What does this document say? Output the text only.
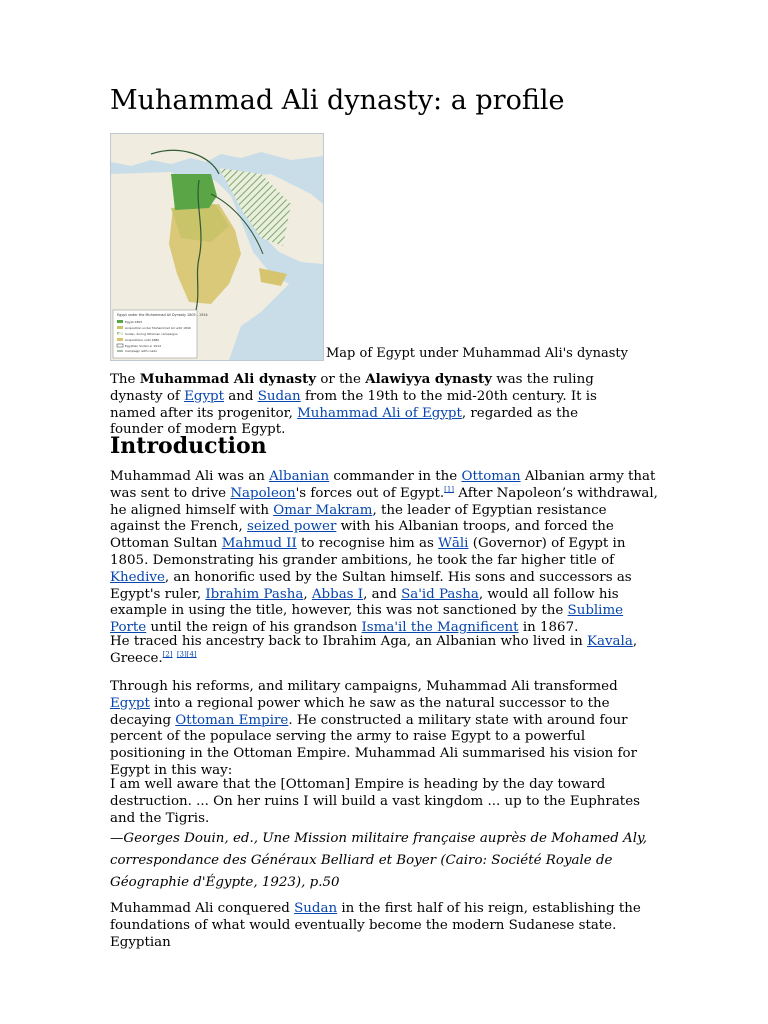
Muhammad Ali dynasty: a profile
Egypt under the Muhammad Ali Dynasty 1805 - 1914
Egypt 1805
Acquisition under Muhammad Ali until 1840
Sudan, during Ottoman campaigns
Acquisitions until 1880
Egyptian Sudan in 1914
Campaign with roads	Map of Egypt under Muhammad Ali's dynasty

The Muhammad Ali dynasty or the Alawiyya dynasty was the ruling dynasty of Egypt and Sudan from the 19th to the mid-20th century. It is named after its progenitor, Muhammad Ali of Egypt, regarded as the founder of modern Egypt.

Introduction

Muhammad Ali was an Albanian commander in the Ottoman Albanian army that was sent to drive Napoleon's forces out of Egypt.[1] After Napoleon’s withdrawal, he aligned himself with Omar Makram, the leader of Egyptian resistance against the French, seized power with his Albanian troops, and forced the Ottoman Sultan Mahmud II to recognise him as Wāli (Governor) of Egypt in 1805. Demonstrating his grander ambitions, he took the far higher title of Khedive, an honorific used by the Sultan himself. His sons and successors as Egypt's ruler, Ibrahim Pasha, Abbas I, and Sa'id Pasha, would all follow his example in using the title, however, this was not sanctioned by the Sublime Porte until the reign of his grandson Isma'il the Magnificent in 1867.

He traced his ancestry back to Ibrahim Aga, an Albanian who lived in Kavala, Greece.[2] [3][4]

Through his reforms, and military campaigns, Muhammad Ali transformed Egypt into a regional power which he saw as the natural successor to the decaying Ottoman Empire. He constructed a military state with around four percent of the populace serving the army to raise Egypt to a powerful positioning in the Ottoman Empire. Muhammad Ali summarised his vision for Egypt in this way:

I am well aware that the [Ottoman] Empire is heading by the day toward destruction. ... On her ruins I will build a vast kingdom ... up to the Euphrates and the Tigris.

—Georges Douin, ed., Une Mission militaire française auprès de Mohamed Aly, correspondance des Généraux Belliard et Boyer (Cairo: Société Royale de Géographie d'Égypte, 1923), p.50

Muhammad Ali conquered Sudan in the first half of his reign, establishing the foundations of what would eventually become the modern Sudanese state. Egyptian
